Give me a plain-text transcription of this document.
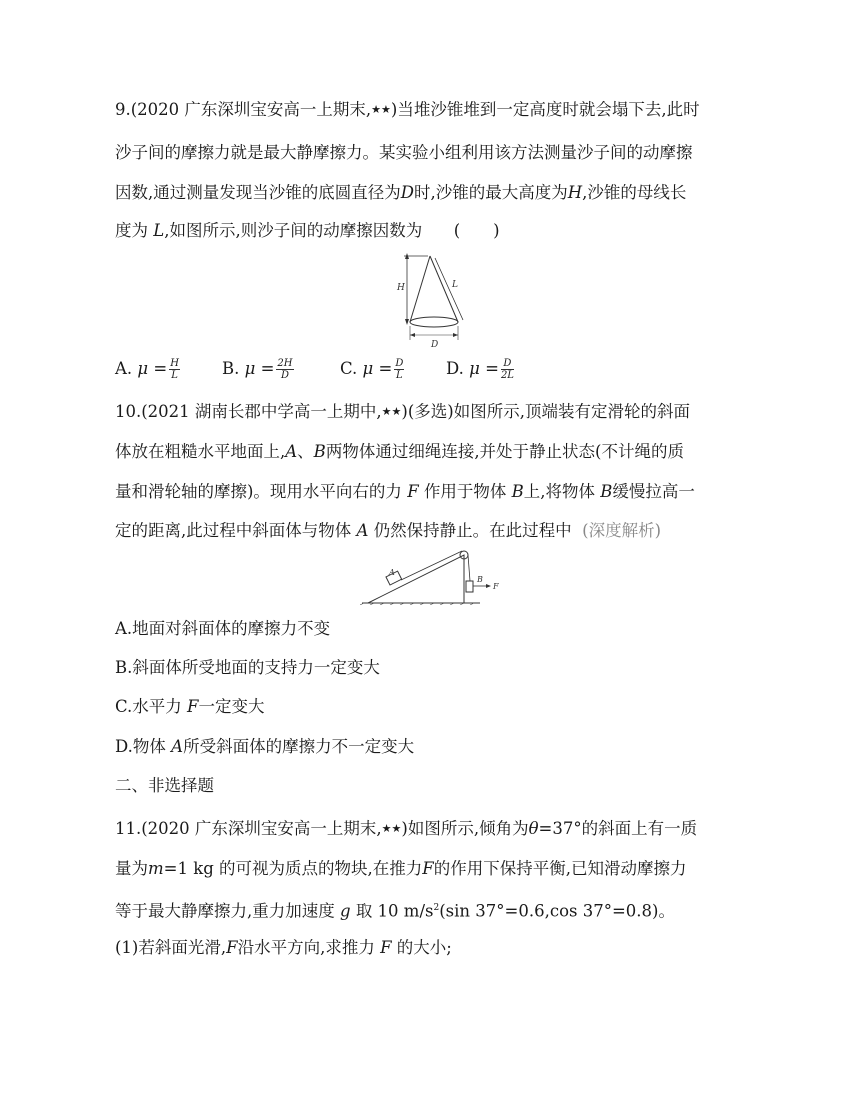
9.(2020 广东深圳宝安高一上期末,★★)当堆沙锥堆到一定高度时就会塌下去,此时
沙子间的摩擦力就是最大静摩擦力。某实验小组利用该方法测量沙子间的动摩擦
因数,通过测量发现当沙锥的底圆直径为D时,沙锥的最大高度为H,沙锥的母线长
度为 L,如图所示,则沙子间的动摩擦因数为 (　　)
H	L
D
A. $\mu = \frac{H}{L}$	B. $\mu = \frac{2H}{D}$	C. $\mu = \frac{D}{L}$	D. $\mu = \frac{D}{2L}$
10.(2021 湖南长郡中学高一上期中,★★)(多选)如图所示,顶端装有定滑轮的斜面
体放在粗糙水平地面上,A、B两物体通过细绳连接,并处于静止状态(不计绳的质
量和滑轮轴的摩擦)。现用水平向右的力 F 作用于物体 B上,将物体 B缓慢拉高一
定的距离,此过程中斜面体与物体 A 仍然保持静止。在此过程中 (深度解析)
A
B
F
A.地面对斜面体的摩擦力不变
B.斜面体所受地面的支持力一定变大
C.水平力 F一定变大
D.物体 A所受斜面体的摩擦力不一定变大
二、非选择题
11.(2020 广东深圳宝安高一上期末,★★)如图所示,倾角为θ=37°的斜面上有一质
量为m=1 kg 的可视为质点的物块,在推力F的作用下保持平衡,已知滑动摩擦力
等于最大静摩擦力,重力加速度 g 取 10 $m/s^2(\sin$ 37°=0.6,cos 37°=0.8)。
(1)若斜面光滑,F沿水平方向,求推力 F 的大小;
